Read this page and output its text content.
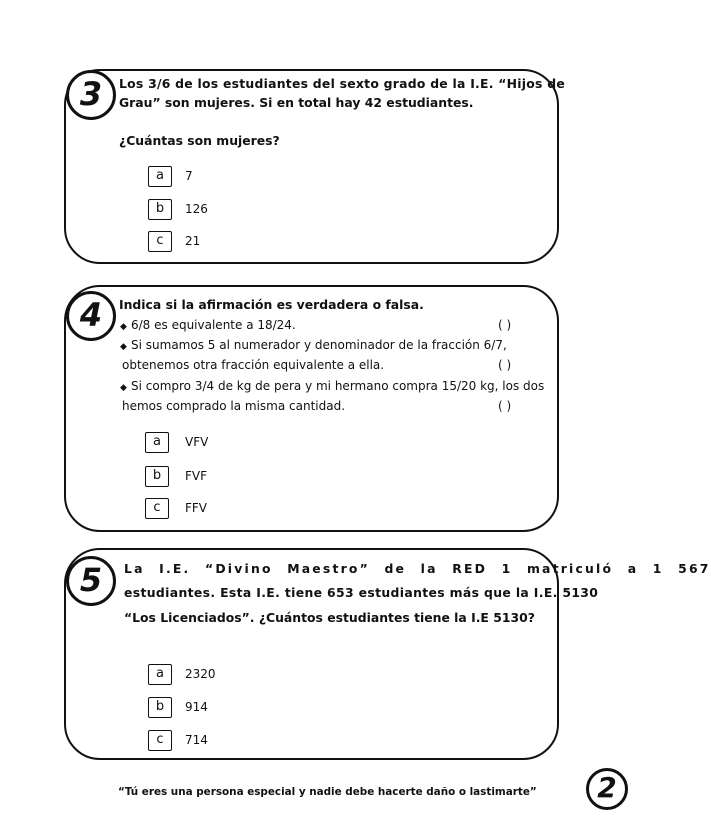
3	Los 3/6 de los estudiantes del sexto grado de la I.E. “Hijos de
Grau” son mujeres. Si en total hay 42 estudiantes.
¿Cuántas son mujeres?
a	7
b	126
c	21
4	Indica si la afirmación es verdadera o falsa.
◆ 6/8 es equivalente a 18/24.	( )
◆ Si sumamos 5 al numerador y denominador de la fracción 6/7,
obtenemos otra fracción equivalente a ella.	( )
◆ Si compro 3/4 de kg de pera y mi hermano compra 15/20 kg, los dos
hemos comprado la misma cantidad.	( )
a	VFV
b	FVF
c	FFV
5	La I.E. “Divino Maestro” de la RED 1 matriculó a 1 567
estudiantes. Esta I.E. tiene 653 estudiantes más que la I.E. 5130
“Los Licenciados”. ¿Cuántos estudiantes tiene la I.E 5130?
a	2320
b	914
c	714
“Tú eres una persona especial y nadie debe hacerte daño o lastimarte”	2
